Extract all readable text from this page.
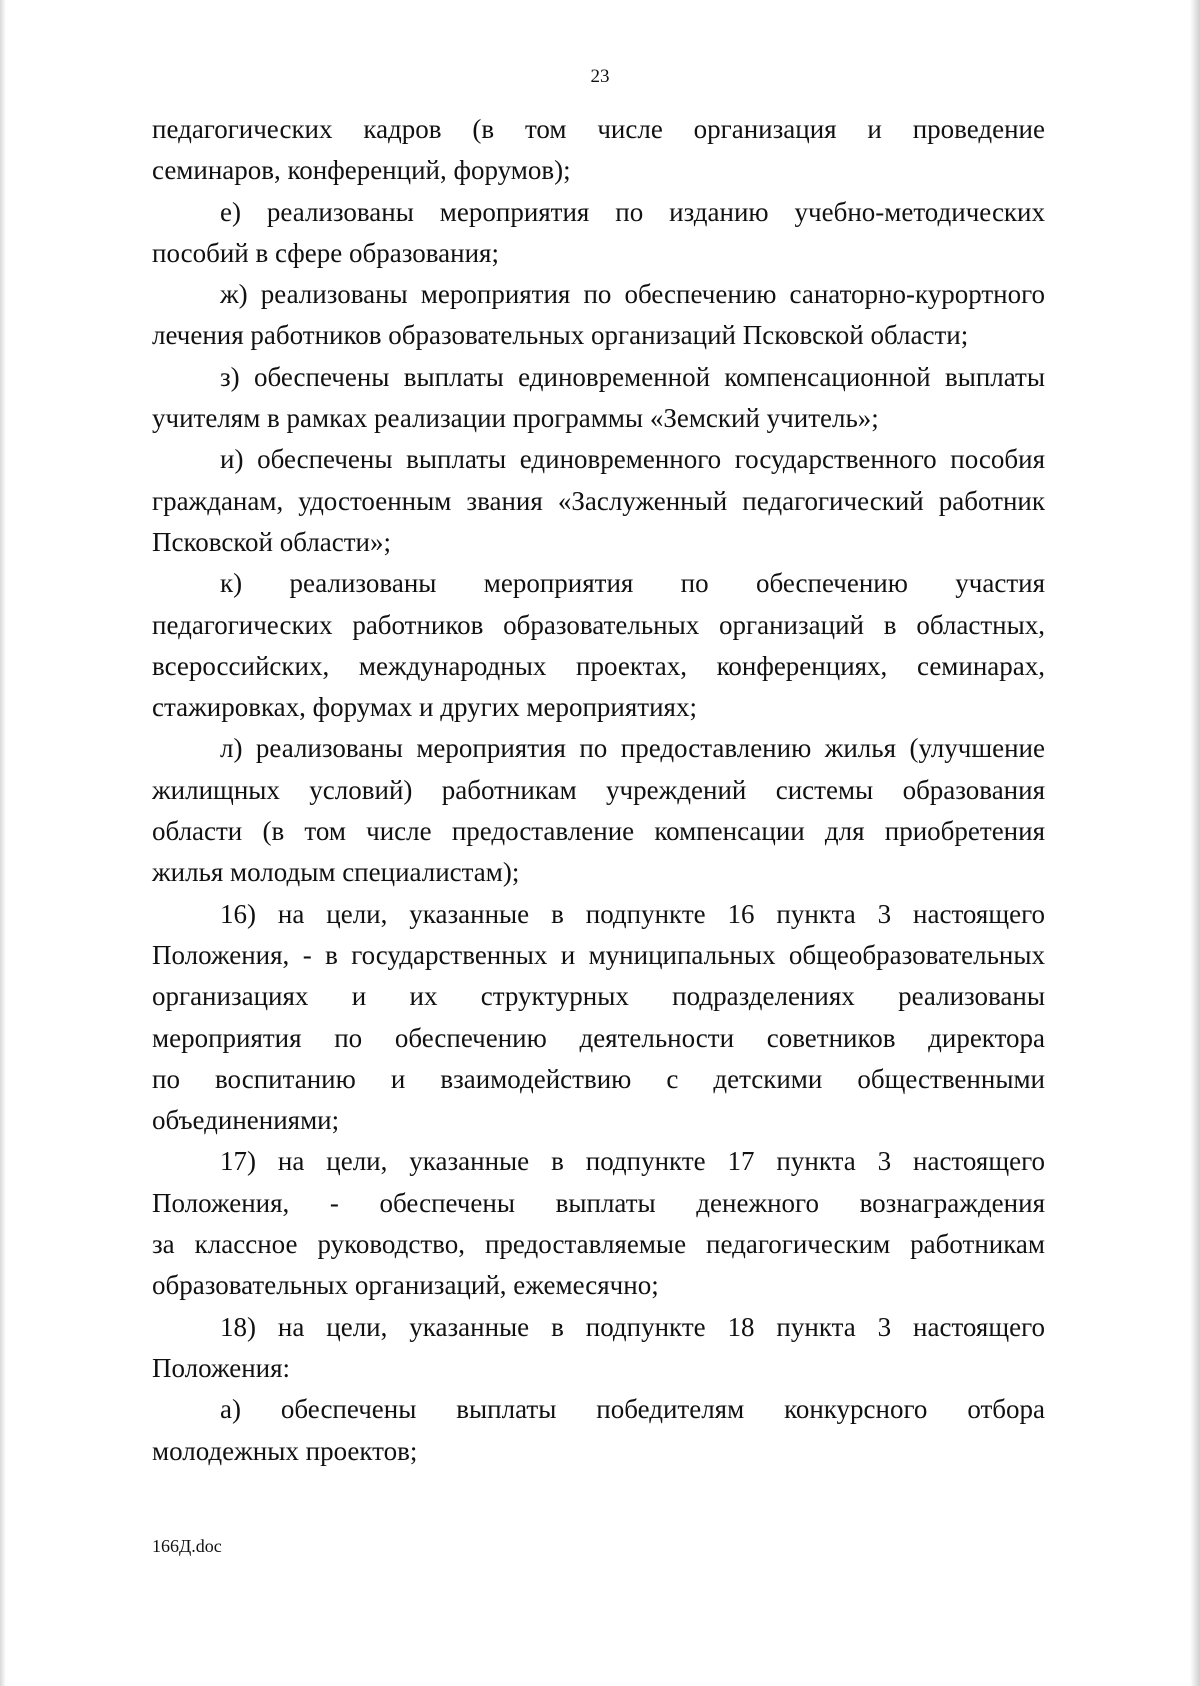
23
педагогических кадров (в том числе организация и проведение
семинаров, конференций, форумов);
е) реализованы мероприятия по изданию учебно-методических
пособий в сфере образования;
ж) реализованы мероприятия по обеспечению санаторно-курортного
лечения работников образовательных организаций Псковской области;
з) обеспечены выплаты единовременной компенсационной выплаты
учителям в рамках реализации программы «Земский учитель»;
и) обеспечены выплаты единовременного государственного пособия
гражданам, удостоенным звания «Заслуженный педагогический работник
Псковской области»;
к) реализованы мероприятия по обеспечению участия
педагогических работников образовательных организаций в областных,
всероссийских, международных проектах, конференциях, семинарах,
стажировках, форумах и других мероприятиях;
л) реализованы мероприятия по предоставлению жилья (улучшение
жилищных условий) работникам учреждений системы образования
области (в том числе предоставление компенсации для приобретения
жилья молодым специалистам);
16) на цели, указанные в подпункте 16 пункта 3 настоящего
Положения, - в государственных и муниципальных общеобразовательных
организациях и их структурных подразделениях реализованы
мероприятия по обеспечению деятельности советников директора
по воспитанию и взаимодействию с детскими общественными
объединениями;
17) на цели, указанные в подпункте 17 пункта 3 настоящего
Положения, - обеспечены выплаты денежного вознаграждения
за классное руководство, предоставляемые педагогическим работникам
образовательных организаций, ежемесячно;
18) на цели, указанные в подпункте 18 пункта 3 настоящего
Положения:
а) обеспечены выплаты победителям конкурсного отбора
молодежных проектов;
166Д.doc
